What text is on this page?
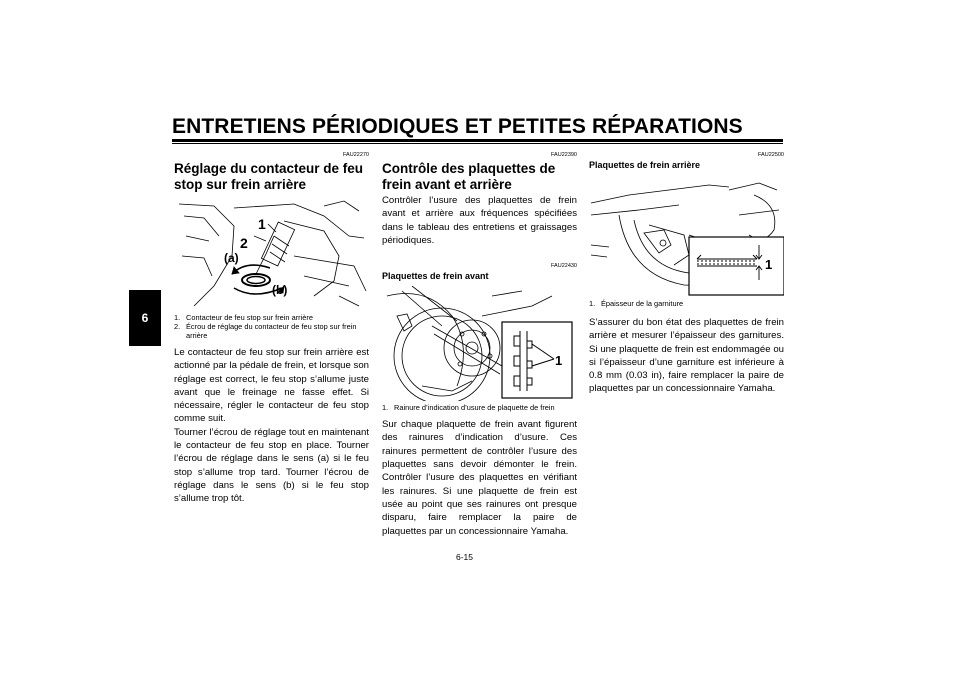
ENTRETIENS PÉRIODIQUES ET PETITES RÉPARATIONS
6
FAU22270
Réglage du contacteur de feu stop sur frein arrière
1
2
(a)
(b)
1. Contacteur de feu stop sur frein arrière
2. Écrou de réglage du contacteur de feu stop sur frein arrière

Le contacteur de feu stop sur frein arrière est actionné par la pédale de frein, et lorsque son réglage est correct, le feu stop s’allume juste avant que le freinage ne fasse effet. Si nécessaire, régler le contacteur de feu stop comme suit.

Tourner l’écrou de réglage tout en maintenant le contacteur de feu stop en place. Tourner l’écrou de réglage dans le sens (a) si le feu stop s’allume trop tard. Tourner l’écrou de réglage dans le sens (b) si le feu stop s’allume trop tôt.

FAU22390
Contrôle des plaquettes de frein avant et arrière

Contrôler l’usure des plaquettes de frein avant et arrière aux fréquences spécifiées dans le tableau des entretiens et graissages périodiques.

FAU22430
Plaquettes de frein avant
1
1. Rainure d’indication d’usure de plaquette de frein

Sur chaque plaquette de frein avant figurent des rainures d’indication d’usure. Ces rainures permettent de contrôler l’usure des plaquettes sans devoir démonter le frein. Contrôler l’usure des plaquettes en vérifiant les rainures. Si une plaquette de frein est usée au point que ses rainures ont presque disparu, faire remplacer la paire de plaquettes par un concessionnaire Yamaha.

FAU22500
Plaquettes de frein arrière
1
1. Épaisseur de la garniture

S’assurer du bon état des plaquettes de frein arrière et mesurer l’épaisseur des garnitures. Si une plaquette de frein est endommagée ou si l’épaisseur d’une garniture est inférieure à 0.8 mm (0.03 in), faire remplacer la paire de plaquettes par un concessionnaire Yamaha.

6-15
